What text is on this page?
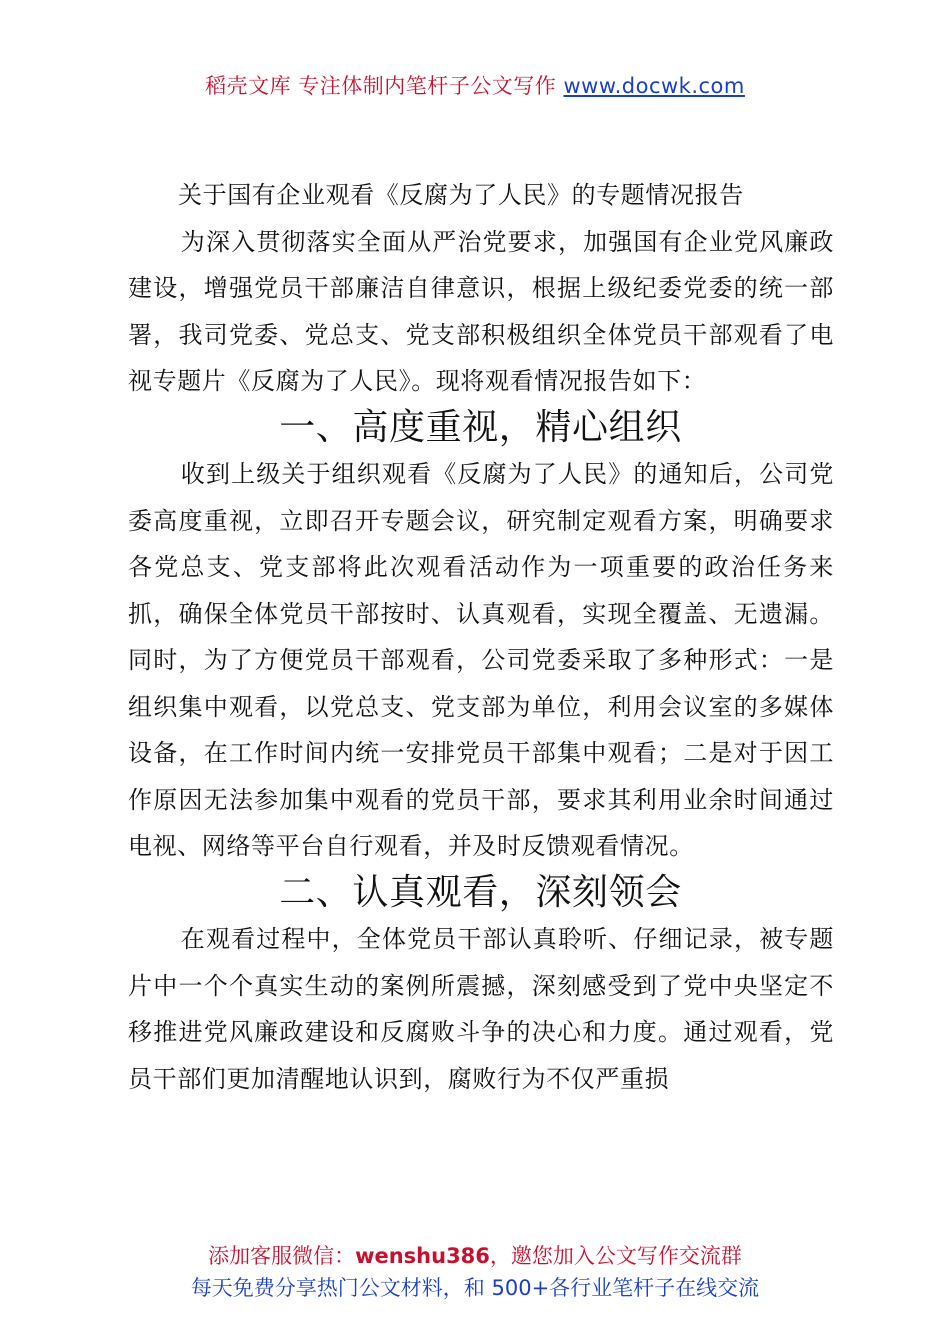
稻壳文库 专注体制内笔杆子公文写作 www.docwk.com
关于国有企业观看《反腐为了人民》的专题情况报告

为深入贯彻落实全面从严治党要求，加强国有企业党风廉政建设，增强党员干部廉洁自律意识，根据上级纪委党委的统一部署，我司党委、党总支、党支部积极组织全体党员干部观看了电视专题片《反腐为了人民》。现将观看情况报告如下：

一、高度重视，精心组织

收到上级关于组织观看《反腐为了人民》的通知后，公司党委高度重视，立即召开专题会议，研究制定观看方案，明确要求各党总支、党支部将此次观看活动作为一项重要的政治任务来抓，确保全体党员干部按时、认真观看，实现全覆盖、无遗漏。同时，为了方便党员干部观看，公司党委采取了多种形式：一是组织集中观看，以党总支、党支部为单位，利用会议室的多媒体设备，在工作时间内统一安排党员干部集中观看；二是对于因工作原因无法参加集中观看的党员干部，要求其利用业余时间通过电视、网络等平台自行观看，并及时反馈观看情况。

二、认真观看，深刻领会

在观看过程中，全体党员干部认真聆听、仔细记录，被专题片中一个个真实生动的案例所震撼，深刻感受到了党中央坚定不移推进党风廉政建设和反腐败斗争的决心和力度。通过观看，党员干部们更加清醒地认识到，腐败行为不仅严重损

添加客服微信：wenshu386，邀您加入公文写作交流群
每天免费分享热门公文材料，和 500+各行业笔杆子在线交流
